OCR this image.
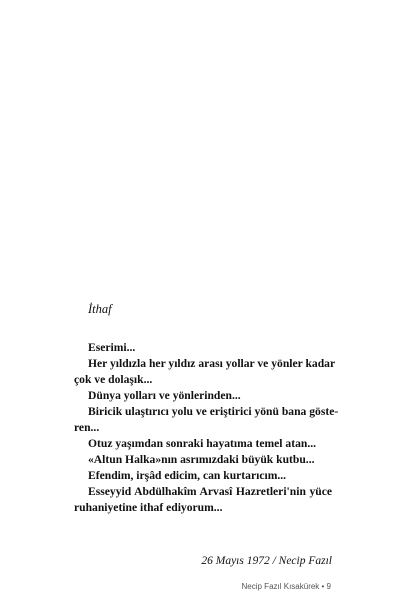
İthaf
Eserimi...
Her yıldızla her yıldız arası yollar ve yönler kadar
çok ve dolaşık...
Dünya yolları ve yönlerinden...
Biricik ulaştırıcı yolu ve eriştirici yönü bana göste-
ren...
Otuz yaşımdan sonraki hayatıma temel atan...
«Altun Halka»nın asrımızdaki büyük kutbu...
Efendim, irşâd edicim, can kurtarıcım...
Esseyyid Abdülhakîm Arvasî Hazretleri'nin yüce
ruhaniyetine ithaf ediyorum...

26 Mayıs 1972 / Necip Fazıl

Necip Fazıl Kısakürek • 9
